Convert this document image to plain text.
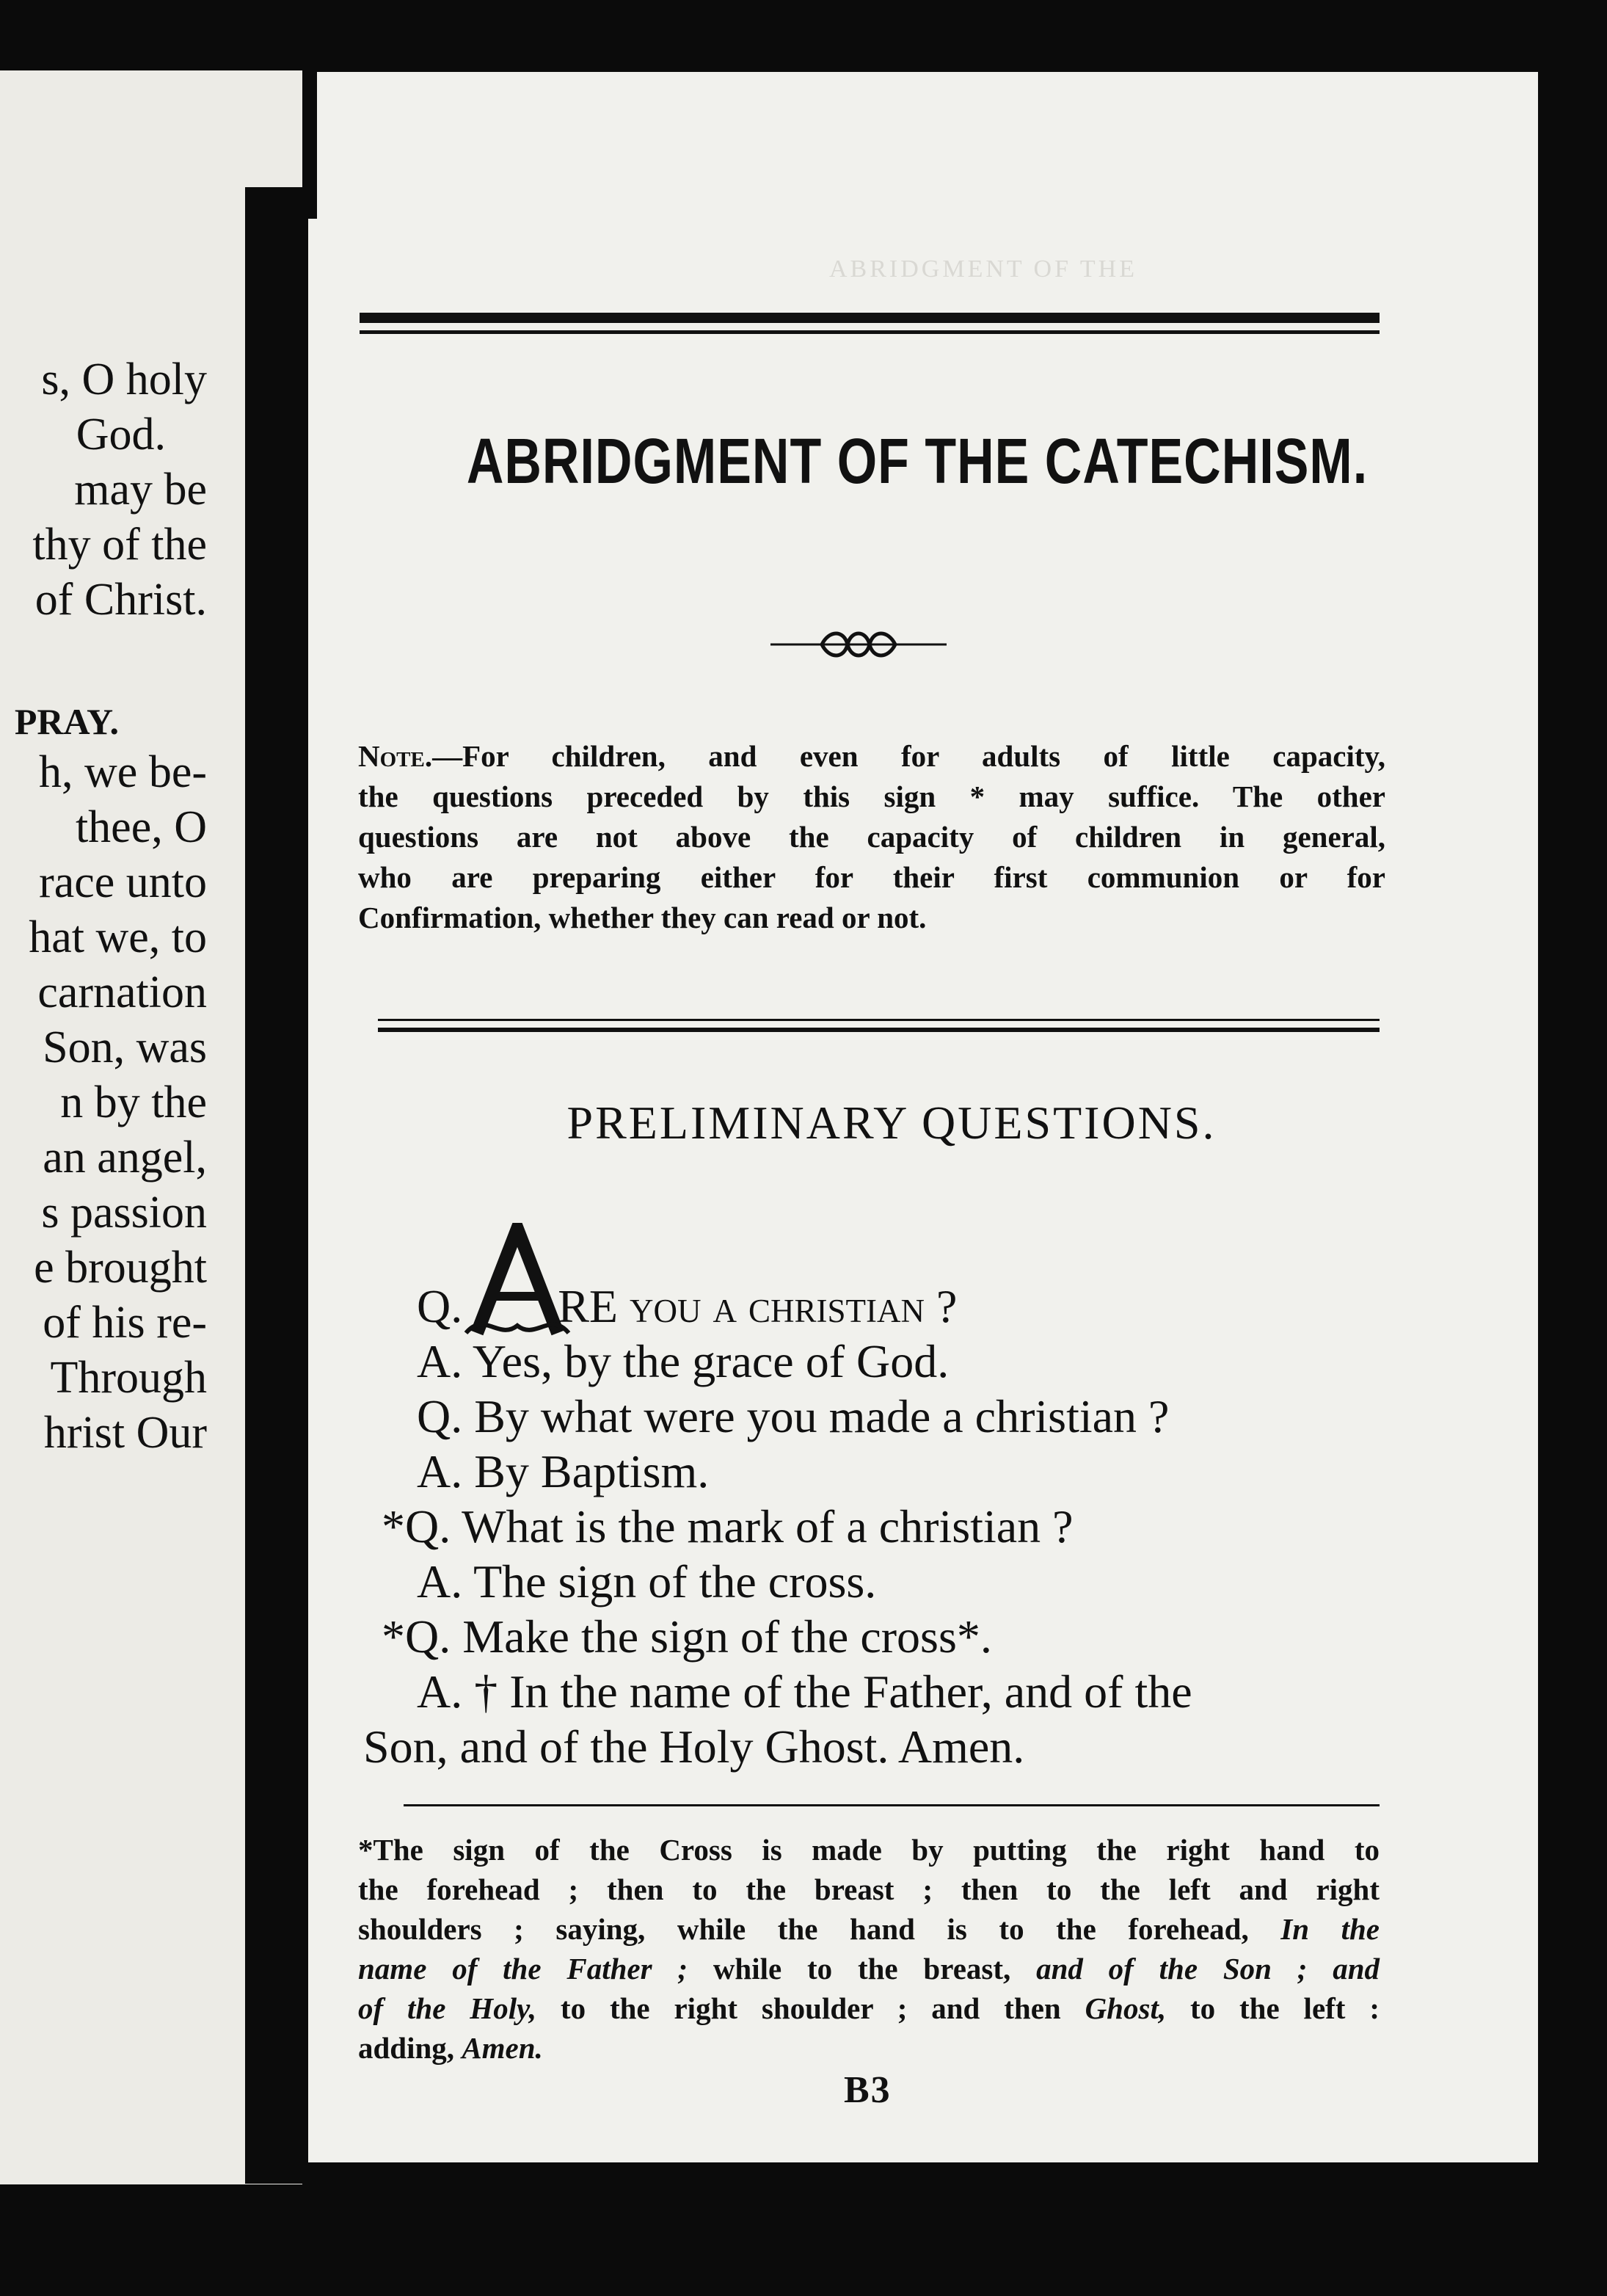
s, O holy
God.
may be
thy of the
of Christ.
PRAY.
h, we be-
thee, O
race unto
hat we, to
carnation
Son, was
n by the
an angel,
s passion
e brought
of his re-
Through
hrist Our
ABRIDGMENT OF THE
ABRIDGMENT OF THE CATECHISM.
Note.—For children, and even for adults of little capacity,
the questions preceded by this sign * may suffice. The other
questions are not above the capacity of children in general,
who are preparing either for their first communion or for
Confirmation, whether they can read or not.
PRELIMINARY QUESTIONS.
A
Q. RE you a christian ?
A. Yes, by the grace of God.
Q. By what were you made a christian ?
A. By Baptism.
*Q. What is the mark of a christian ?
A. The sign of the cross.
*Q. Make the sign of the cross*.
A. † In the name of the Father, and of the
Son, and of the Holy Ghost. Amen.
*The sign of the Cross is made by putting the right hand to
the forehead ; then to the breast ; then to the left and right
shoulders ; saying, while the hand is to the forehead, In the
name of the Father ; while to the breast, and of the Son ; and
of the Holy, to the right shoulder ; and then Ghost, to the left :
adding, Amen.
B3
